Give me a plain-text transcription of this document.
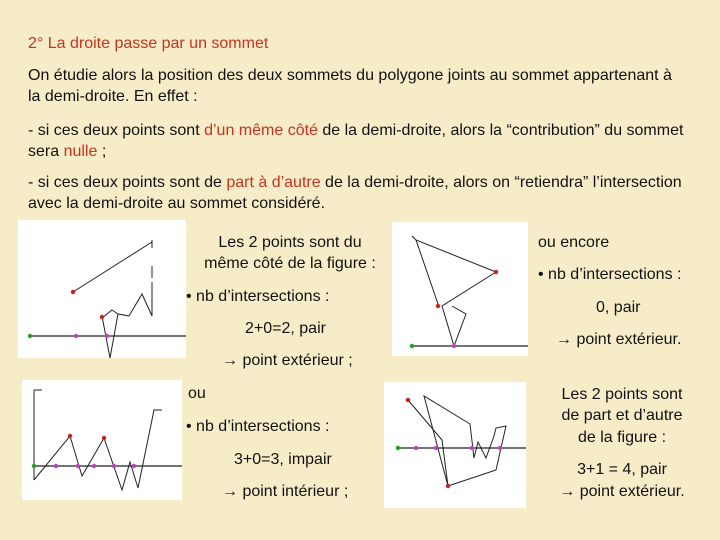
2° La droite passe par un sommet
On étudie alors la position des deux sommets du polygone joints au sommet appartenant à la demi-droite. En effet :
- si ces deux points sont d’un même côté de la demi-droite, alors la “contribution” du sommet sera nulle ;
- si ces deux points sont de part à d’autre de la demi-droite, alors on “retiendra” l’intersection avec la demi-droite au sommet considéré.
Les 2 points sont du
même côté de la figure :
• nb d’intersections :
2+0=2, pair
→ point extérieur ;
ou encore
• nb d’intersections :
0, pair
→ point extérieur.
ou
• nb d’intersections :
3+0=3, impair
→ point intérieur ;
Les 2 points sont
de part et d’autre
de la figure :
3+1 = 4, pair
→ point extérieur.
